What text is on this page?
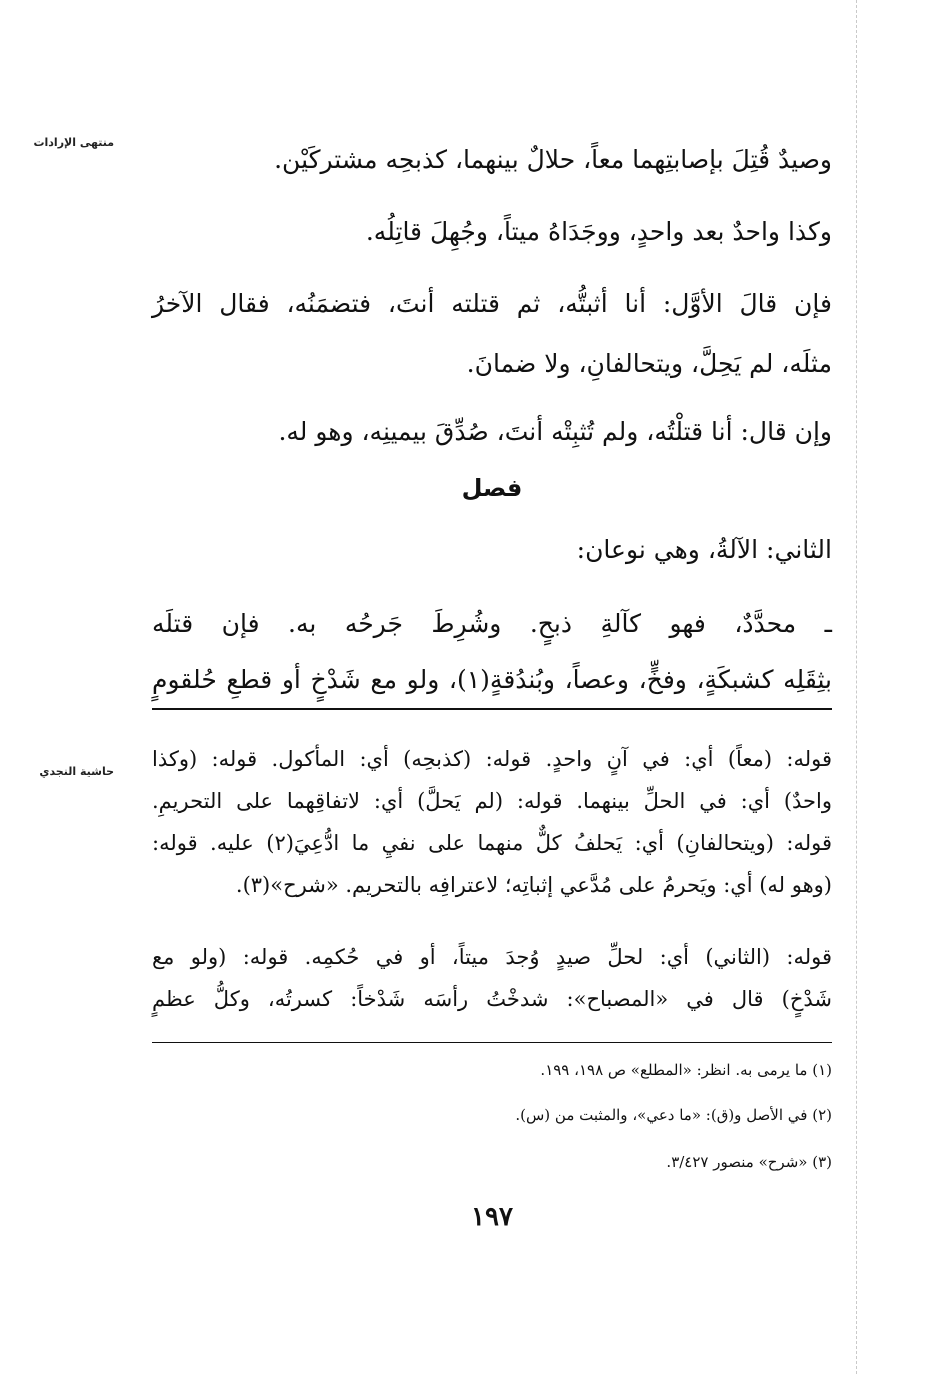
منتهى الإرادات
حاشية النجدي
وصيدٌ قُتِلَ بإصابتِهما معاً، حلالٌ بينهما، كذبحِه مشتركَيْن.
وكذا واحدٌ بعد واحدٍ، ووجَدَاهُ ميتاً، وجُهِلَ قاتِلُه.
فإن قالَ الأوَّل: أنا أثبتُّه، ثم قتلته أنتَ، فتضمَنُه، فقال الآخرُ
مثلَه، لم يَحِلَّ، ويتحالفانِ، ولا ضمانَ.
وإن قال: أنا قتلْتُه، ولم تُثبِتْه أنتَ، صُدِّقَ بيمينِه، وهو له.
فصل
الثاني: الآلةُ، وهي نوعان:
ـ محدَّدٌ، فهو كآلةِ ذبحٍ. وشُرِطَ جَرحُه به. فإن قتلَه
بثِقَلِه كشبكَةٍ، وفخٍّ، وعصاً، وبُندُقةٍ(١)، ولو مع شَدْخٍ أو قطعِ حُلقومٍ
قوله: (معاً) أي: في آنٍ واحدٍ. قوله: (كذبحِه) أي: المأكول. قوله: (وكذا
واحدٌ) أي: في الحلِّ بينهما. قوله: (لم يَحلَّ) أي: لاتفاقِهما على التحريمِ.
قوله: (ويتحالفانِ) أي: يَحلفُ كلٌّ منهما على نفيِ ما ادُّعِيَ(٢) عليه. قوله:
(وهو له) أي: ويَحرمُ على مُدَّعي إثباتِه؛ لاعترافِه بالتحريم. «شرح»(٣).
قوله: (الثاني) أي: لحلِّ صيدٍ وُجدَ ميتاً، أو في حُكمِه. قوله: (ولو مع
شَدْخٍ) قال في «المصباح»: شدخْتُ رأسَه شَدْخاً: كسرتُه، وكلُّ عظمٍ
(١) ما يرمى به. انظر: «المطلع» ص ١٩٨، ١٩٩.
(٢) في الأصل و(ق): «ما دعي»، والمثبت من (س).
(٣) «شرح» منصور ٣/٤٢٧.
١٩٧
